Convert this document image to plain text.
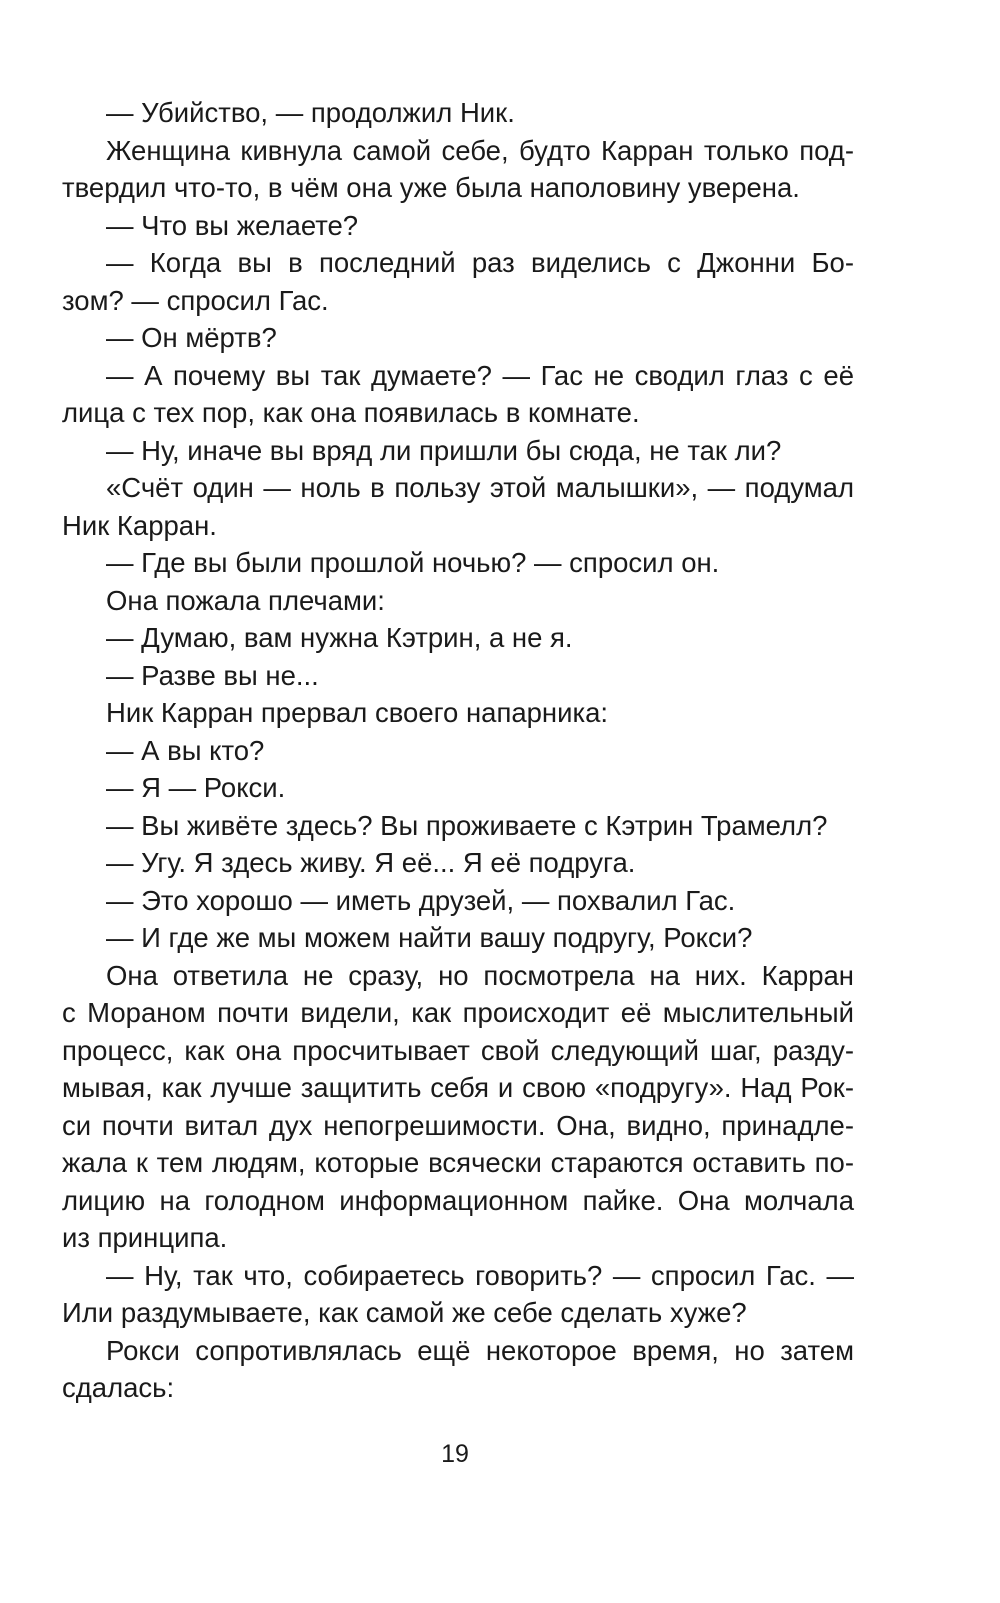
— Убийство, — продолжил Ник.
Женщина кивнула самой себе, будто Карран только под-
твердил что-то, в чём она уже была наполовину уверена.
— Что вы желаете?
— Когда вы в последний раз виделись с Джонни Бо-
зом? — спросил Гас.
— Он мёртв?
— А почему вы так думаете? — Гас не сводил глаз с её
лица с тех пор, как она появилась в комнате.
— Ну, иначе вы вряд ли пришли бы сюда, не так ли?
«Счёт один — ноль в пользу этой малышки», — подумал
Ник Карран.
— Где вы были прошлой ночью? — спросил он.
Она пожала плечами:
— Думаю, вам нужна Кэтрин, а не я.
— Разве вы не...
Ник Карран прервал своего напарника:
— А вы кто?
— Я — Рокси.
— Вы живёте здесь? Вы проживаете с Кэтрин Трамелл?
— Угу. Я здесь живу. Я её... Я её подруга.
— Это хорошо — иметь друзей, — похвалил Гас.
— И где же мы можем найти вашу подругу, Рокси?
Она ответила не сразу, но посмотрела на них. Карран
с Мораном почти видели, как происходит её мыслительный
процесс, как она просчитывает свой следующий шаг, разду-
мывая, как лучше защитить себя и свою «подругу». Над Рок-
си почти витал дух непогрешимости. Она, видно, принадле-
жала к тем людям, которые всячески стараются оставить по-
лицию на голодном информационном пайке. Она молчала
из принципа.
— Ну, так что, собираетесь говорить? — спросил Гас. —
Или раздумываете, как самой же себе сделать хуже?
Рокси сопротивлялась ещё некоторое время, но затем
сдалась:
19
